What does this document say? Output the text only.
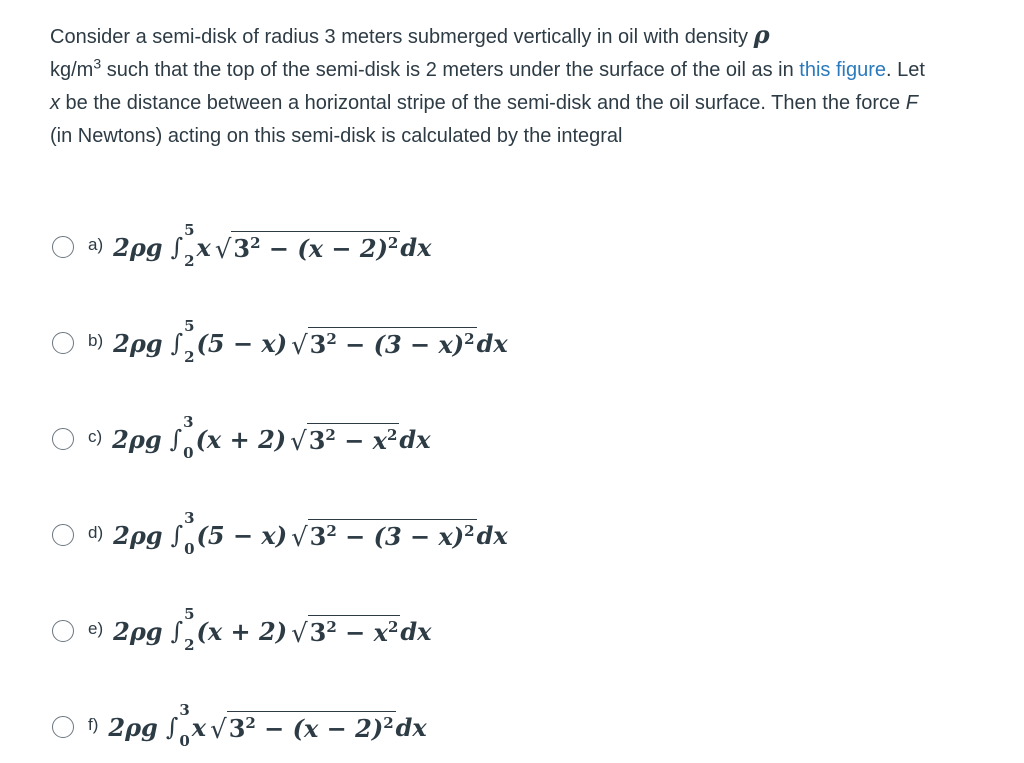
Consider a semi-disk of radius 3 meters submerged vertically in oil with density ρ
$kg/m^3$ such that the top of the semi-disk is 2 meters under the surface of the oil as in this figure. Let x be the distance between a horizontal stripe of the semi-disk and the oil surface. Then the force F (in Newtons) acting on this semi-disk is calculated by the integral
a) 2ρg ∫
5
2 x √ $3^2 - (x - 2)^2$ dx
b) 2ρg ∫
5
2 (5 − x) √ $3^2 - (3 - x)^2$ dx
c) 2ρg ∫
3
0 (x + 2) √ $3^2 - x^2$ dx
d) 2ρg ∫
3
0 (5 − x) √ $3^2 - (3 - x)^2$ dx
e) 2ρg ∫
5
2 (x + 2) √ $3^2 - x^2$ dx
f) 2ρg ∫
3
0 x √ $3^2 - (x - 2)^2$ dx
